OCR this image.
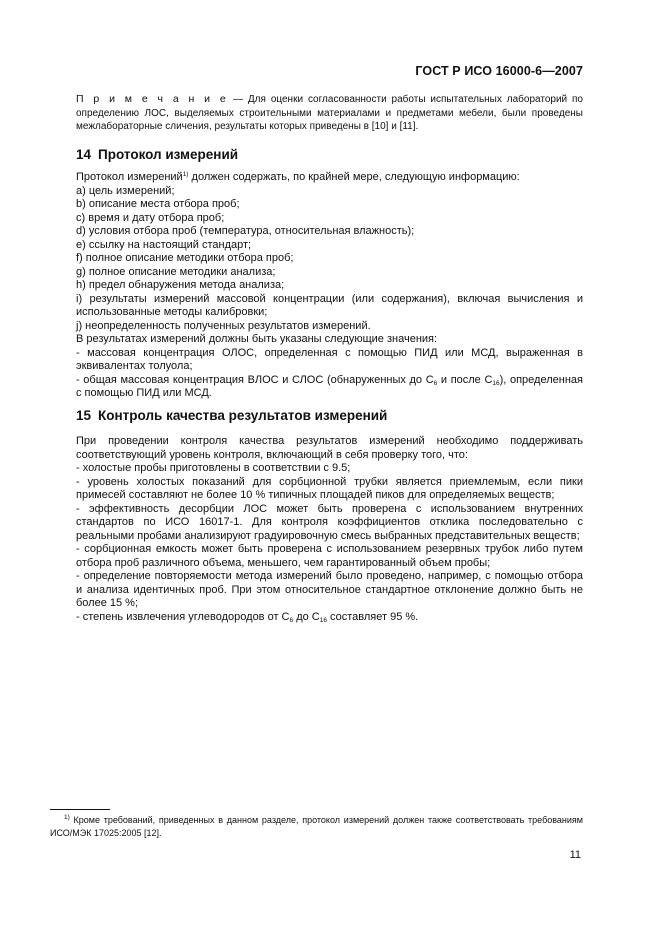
ГОСТ Р ИСО 16000-6—2007
П р и м е ч а н и е — Для оценки согласованности работы испытательных лабораторий по определению ЛОС, выделяемых строительными материалами и предметами мебели, были проведены межлабораторные сличения, результаты которых приведены в [10] и [11].
14 Протокол измерений

Протокол измерений$^{1)}$ должен содержать, по крайней мере, следующую информацию:

a) цель измерений;

b) описание места отбора проб;

c) время и дату отбора проб;

d) условия отбора проб (температура, относительная влажность);

e) ссылку на настоящий стандарт;

f) полное описание методики отбора проб;

g) полное описание методики анализа;

h) предел обнаружения метода анализа;

i) результаты измерений массовой концентрации (или содержания), включая вычисления и использованные методы калибровки;

j) неопределенность полученных результатов измерений.

В результатах измерений должны быть указаны следующие значения:

- массовая концентрация ОЛОС, определенная с помощью ПИД или МСД, выраженная в эквивалентах толуола;

- общая массовая концентрация ВЛОС и СЛОС (обнаруженных до $С_6$ и после $С_{16}$), определенная с помощью ПИД или МСД.

15 Контроль качества результатов измерений

При проведении контроля качества результатов измерений необходимо поддерживать соответствующий уровень контроля, включающий в себя проверку того, что:

- холостые пробы приготовлены в соответствии с 9.5;

- уровень холостых показаний для сорбционной трубки является приемлемым, если пики примесей составляют не более 10 % типичных площадей пиков для определяемых веществ;

- эффективность десорбции ЛОС может быть проверена с использованием внутренних стандартов по ИСО 16017-1. Для контроля коэффициентов отклика последовательно с реальными пробами анализируют градуировочную смесь выбранных представительных веществ;

- сорбционная емкость может быть проверена с использованием резервных трубок либо путем отбора проб различного объема, меньшего, чем гарантированный объем пробы;

- определение повторяемости метода измерений было проведено, например, с помощью отбора и анализа идентичных проб. При этом относительное стандартное отклонение должно быть не более 15 %;

- степень извлечения углеводородов от $С_6$ до $С_{16}$ составляет 95 %.

$^{1)}$ Кроме требований, приведенных в данном разделе, протокол измерений должен также соответствовать требованиям ИСО/МЭК 17025:2005 [12].
11
